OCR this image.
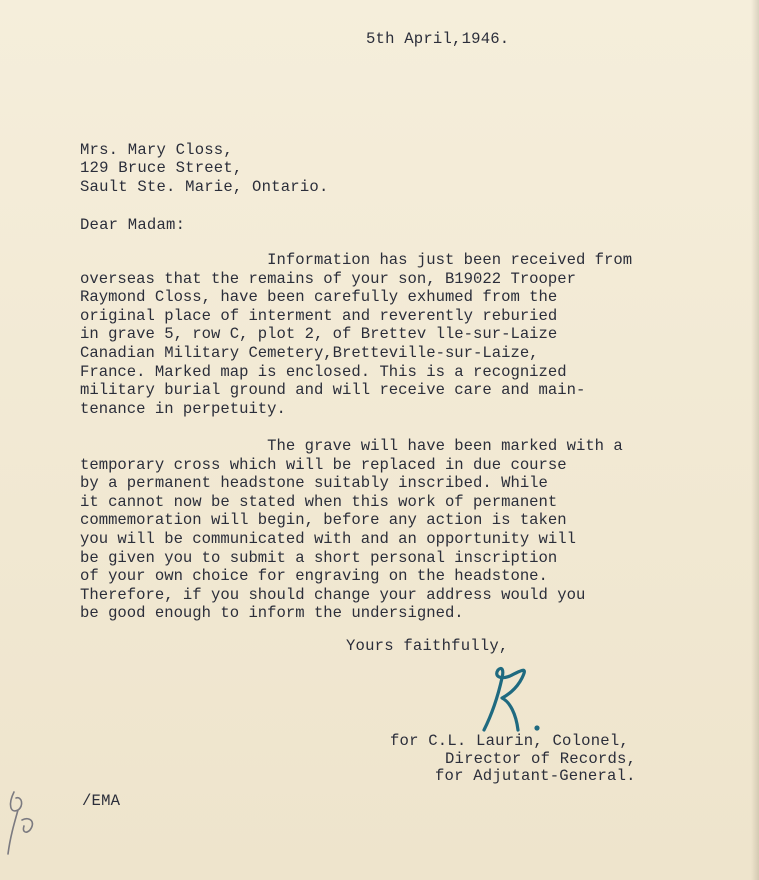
5th April,1946.
Mrs. Mary Closs,
129 Bruce Street,
Sault Ste. Marie, Ontario.
Dear Madam:
Information has just been received from
overseas that the remains of your son, B19022 Trooper
Raymond Closs, have been carefully exhumed from the
original place of interment and reverently reburied
in grave 5, row C, plot 2, of Brettev lle-sur-Laize
Canadian Military Cemetery,Bretteville-sur-Laize,
France. Marked map is enclosed. This is a recognized
military burial ground and will receive care and main-
tenance in perpetuity.
The grave will have been marked with a
temporary cross which will be replaced in due course
by a permanent headstone suitably inscribed. While
it cannot now be stated when this work of permanent
commemoration will begin, before any action is taken
you will be communicated with and an opportunity will
be given you to submit a short personal inscription
of your own choice for engraving on the headstone.
Therefore, if you should change your address would you
be good enough to inform the undersigned.
Yours faithfully,
for C.L. Laurin, Colonel,
Director of Records,
for Adjutant-General.
/EMA
